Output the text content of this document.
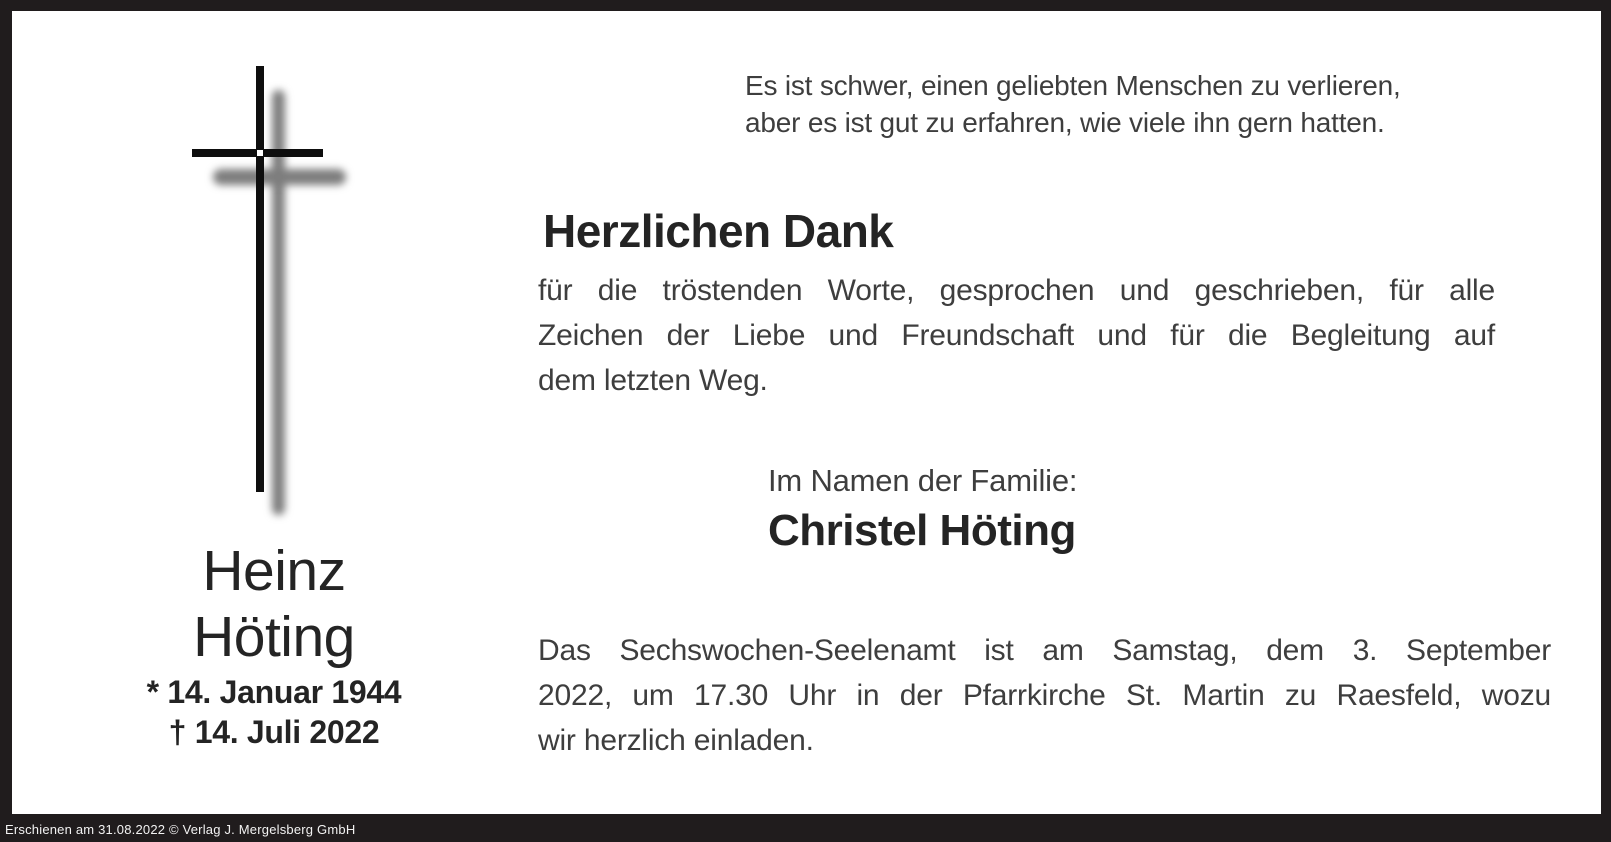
Heinz
Höting
* 14. Januar 1944
† 14. Juli 2022
Es ist schwer, einen geliebten Menschen zu verlieren,
aber es ist gut zu erfahren, wie viele ihn gern hatten.
Herzlichen Dank
für die tröstenden Worte, gesprochen und geschrieben, für alle
Zeichen der Liebe und Freundschaft und für die Begleitung auf
dem letzten Weg.
Im Namen der Familie:
Christel Höting
Das Sechswochen-Seelenamt ist am Samstag, dem 3. September
2022, um 17.30 Uhr in der Pfarrkirche St. Martin zu Raesfeld, wozu
wir herzlich einladen.
Erschienen am 31.08.2022 © Verlag J. Mergelsberg GmbH
